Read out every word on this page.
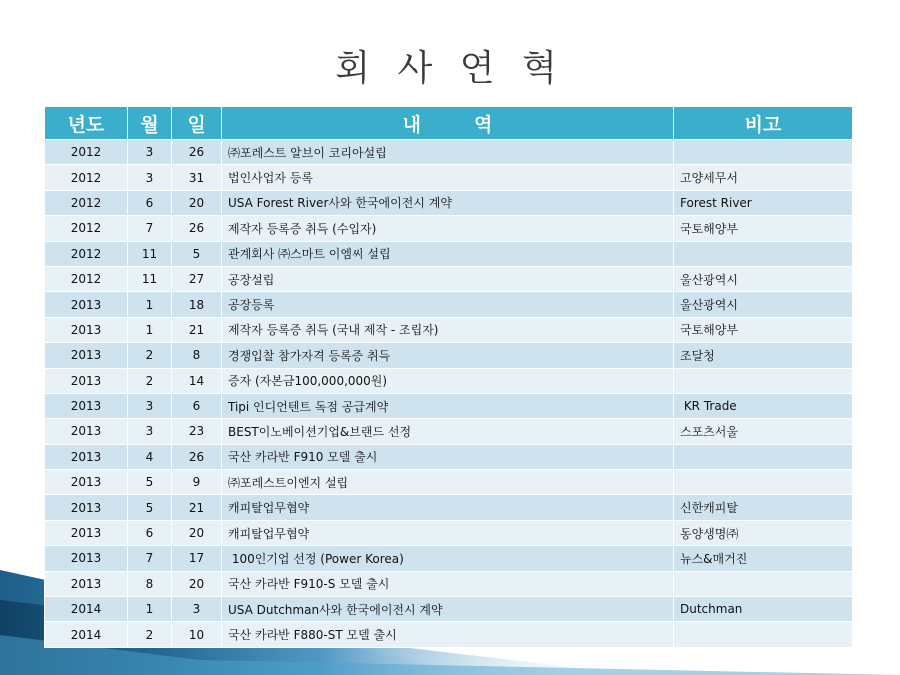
회 사 연 혁
년도	월	일	내        역	비고
2012	3	26	㈜포레스트 알브이 코리아설립	
2012	3	31	법인사업자 등록	고양세무서
2012	6	20	USA Forest River사와 한국에이전시 계약	Forest River
2012	7	26	제작자 등록증 취득 (수입자)	국토해양부
2012	11	5	관계회사 ㈜스마트 이엠씨 설립	
2012	11	27	공장설립	울산광역시
2013	1	18	공장등록	울산광역시
2013	1	21	제작자 등록증 취득 (국내 제작 - 조립자)	국토해양부
2013	2	8	경쟁입찰 참가자격 등록증 취득	조달청
2013	2	14	증자 (자본금100,000,000원)	
2013	3	6	Tipi 인디언텐트 독점 공급계약	KR Trade
2013	3	23	BEST이노베이션기업&브랜드 선정	스포츠서울
2013	4	26	국산 카라반 F910 모델 출시	
2013	5	9	㈜포레스트이엔지 설립	
2013	5	21	캐피탈업무협약	신한캐피탈
2013	6	20	캐피탈업무협약	동양생명㈜
2013	7	17	100인기업 선정 (Power Korea)	뉴스&매거진
2013	8	20	국산 카라반 F910-S 모델 출시	
2014	1	3	USA Dutchman사와 한국에이전시 계약	Dutchman
2014	2	10	국산 카라반 F880-ST 모델 출시	
